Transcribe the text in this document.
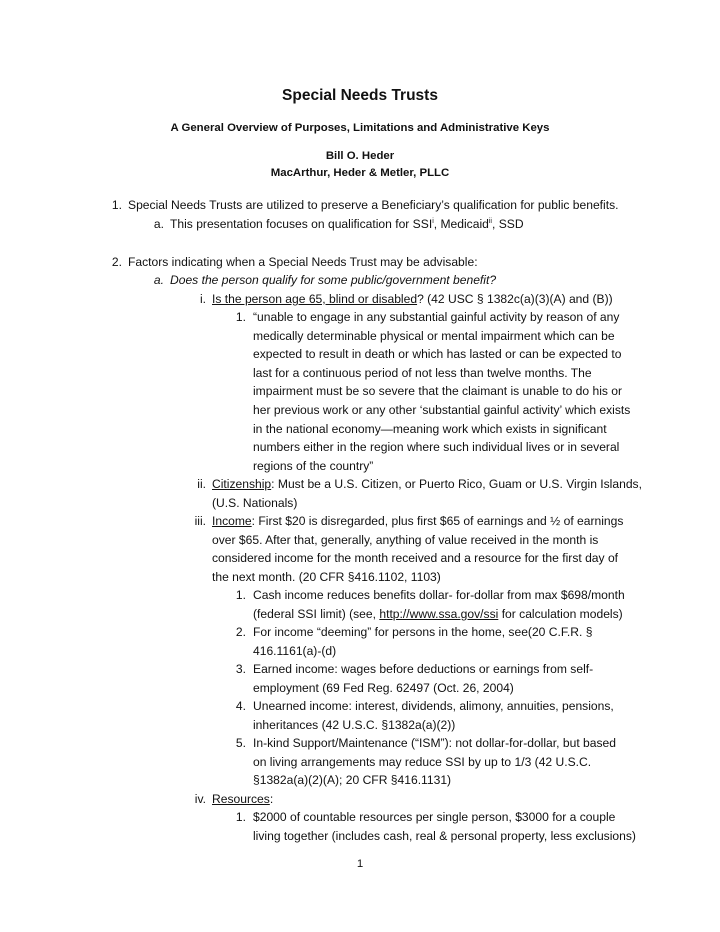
Special Needs Trusts
A General Overview of Purposes, Limitations and Administrative Keys
Bill O. Heder
MacArthur, Heder & Metler, PLLC
1. Special Needs Trusts are utilized to preserve a Beneficiary’s qualification for public benefits.
a. This presentation focuses on qualification for SSI$^i$, Medicaid$^{ii}$, SSD
2. Factors indicating when a Special Needs Trust may be advisable:
a. Does the person qualify for some public/government benefit?
i. Is the person age 65, blind or disabled? (42 USC § 1382c(a)(3)(A) and (B))
1. “unable to engage in any substantial gainful activity by reason of any
medically determinable physical or mental impairment which can be
expected to result in death or which has lasted or can be expected to
last for a continuous period of not less than twelve months. The
impairment must be so severe that the claimant is unable to do his or
her previous work or any other ‘substantial gainful activity’ which exists
in the national economy—meaning work which exists in significant
numbers either in the region where such individual lives or in several
regions of the country”
ii. Citizenship: Must be a U.S. Citizen, or Puerto Rico, Guam or U.S. Virgin Islands,
(U.S. Nationals)
iii. Income: First $20 is disregarded, plus first $65 of earnings and ½ of earnings
over $65. After that, generally, anything of value received in the month is
considered income for the month received and a resource for the first day of
the next month. (20 CFR §416.1102, 1103)
1. Cash income reduces benefits dollar- for-dollar from max $698/month
(federal SSI limit) (see, http://www.ssa.gov/ssi for calculation models)
2. For income “deeming” for persons in the home, see(20 C.F.R. §
416.1161(a)-(d)
3. Earned income: wages before deductions or earnings from self-
employment (69 Fed Reg. 62497 (Oct. 26, 2004)
4. Unearned income: interest, dividends, alimony, annuities, pensions,
inheritances (42 U.S.C. §1382a(a)(2))
5. In-kind Support/Maintenance (“ISM”): not dollar-for-dollar, but based
on living arrangements may reduce SSI by up to 1/3 (42 U.S.C.
§1382a(a)(2)(A); 20 CFR §416.1131)
iv. Resources:
1. $2000 of countable resources per single person, $3000 for a couple
living together (includes cash, real & personal property, less exclusions)
1
